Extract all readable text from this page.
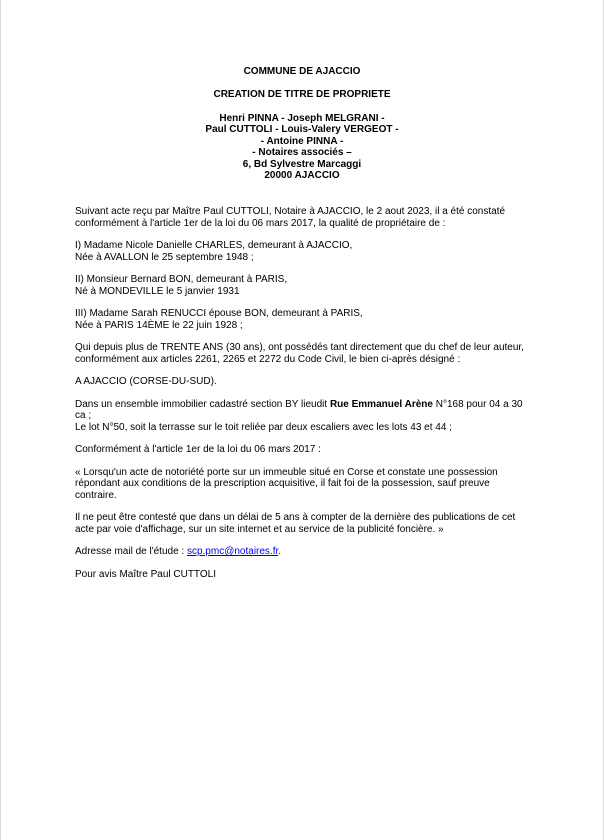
COMMUNE DE AJACCIO
CREATION DE TITRE DE PROPRIETE
Henri PINNA - Joseph MELGRANI -
Paul CUTTOLI - Louis-Valery VERGEOT -
- Antoine PINNA -
- Notaires associés –
6, Bd Sylvestre Marcaggi
20000 AJACCIO

Suivant acte reçu par Maître Paul CUTTOLI, Notaire à AJACCIO, le 2 aout 2023, il a été constaté
conformément à l'article 1er de la loi du 06 mars 2017, la qualité de propriétaire de :

I) Madame Nicole Danielle CHARLES, demeurant à AJACCIO,
Née à AVALLON le 25 septembre 1948 ;

II) Monsieur Bernard BON, demeurant à PARIS,
Né à MONDEVILLE le 5 janvier 1931

III) Madame Sarah RENUCCI épouse BON, demeurant à PARIS,
Née à PARIS 14ÈME le 22 juin 1928 ;

Qui depuis plus de TRENTE ANS (30 ans), ont possédés tant directement que du chef de leur auteur,
conformément aux articles 2261, 2265 et 2272 du Code Civil, le bien ci-après désigné :

A AJACCIO (CORSE-DU-SUD).

Dans un ensemble immobilier cadastré section BY lieudit Rue Emmanuel Arène N°168 pour 04 a 30
ca ;
Le lot N°50, soit la terrasse sur le toit reliée par deux escaliers avec les lots 43 et 44 ;

Conformément à l'article 1er de la loi du 06 mars 2017 :

« Lorsqu'un acte de notoriété porte sur un immeuble situé en Corse et constate une possession
répondant aux conditions de la prescription acquisitive, il fait foi de la possession, sauf preuve
contraire.

Il ne peut être contesté que dans un délai de 5 ans à compter de la dernière des publications de cet
acte par voie d'affichage, sur un site internet et au service de la publicité foncière. »

Adresse mail de l'étude : scp.pmc@notaires.fr.

Pour avis Maître Paul CUTTOLI
